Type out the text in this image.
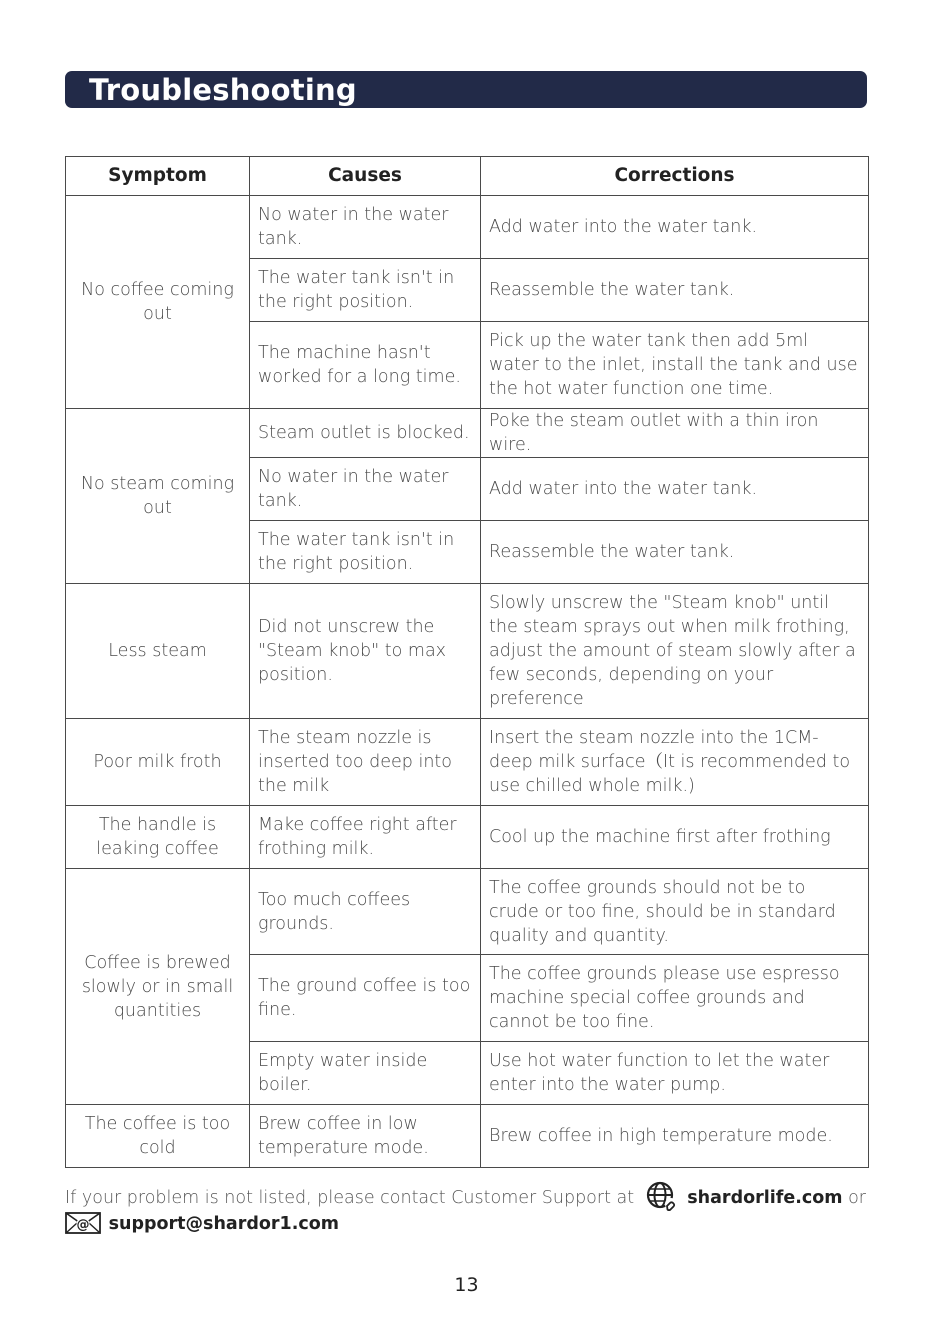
Troubleshooting
Symptom	Causes	Corrections
No coffee coming out	No water in the water tank.	Add water into the water tank.
	The water tank isn't in the right position.	Reassemble the water tank.
	The machine hasn't worked for a long time.	Pick up the water tank then add 5ml water to the inlet, install the tank and use the hot water function one time.
No steam coming out	Steam outlet is blocked.	Poke the steam outlet with a thin iron wire.
	No water in the water tank.	Add water into the water tank.
	The water tank isn't in the right position.	Reassemble the water tank.
Less steam	Did not unscrew the "Steam knob" to max position.	Slowly unscrew the "Steam knob" until the steam sprays out when milk frothing, adjust the amount of steam slowly after a few seconds, depending on your preference
Poor milk froth	The steam nozzle is inserted too deep into the milk	Insert the steam nozzle into the 1CM-deep milk surface（It is recommended to use chilled whole milk.)
The handle is leaking coffee	Make coffee right after frothing milk.	Cool up the machine first after frothing
Coffee is brewed slowly or in small quantities	Too much coffees grounds.	The coffee grounds should not be to crude or too fine, should be in standard quality and quantity.
	The ground coffee is too fine.	The coffee grounds please use espresso machine special coffee grounds and cannot be too fine.
	Empty water inside boiler.	Use hot water function to let the water enter into the water pump.
The coffee is too cold	Brew coffee in low temperature mode.	Brew coffee in high temperature mode.
If your problem is not listed, please contact Customer Support at	shardorlife.com or

@ support@shardor1.com
13
